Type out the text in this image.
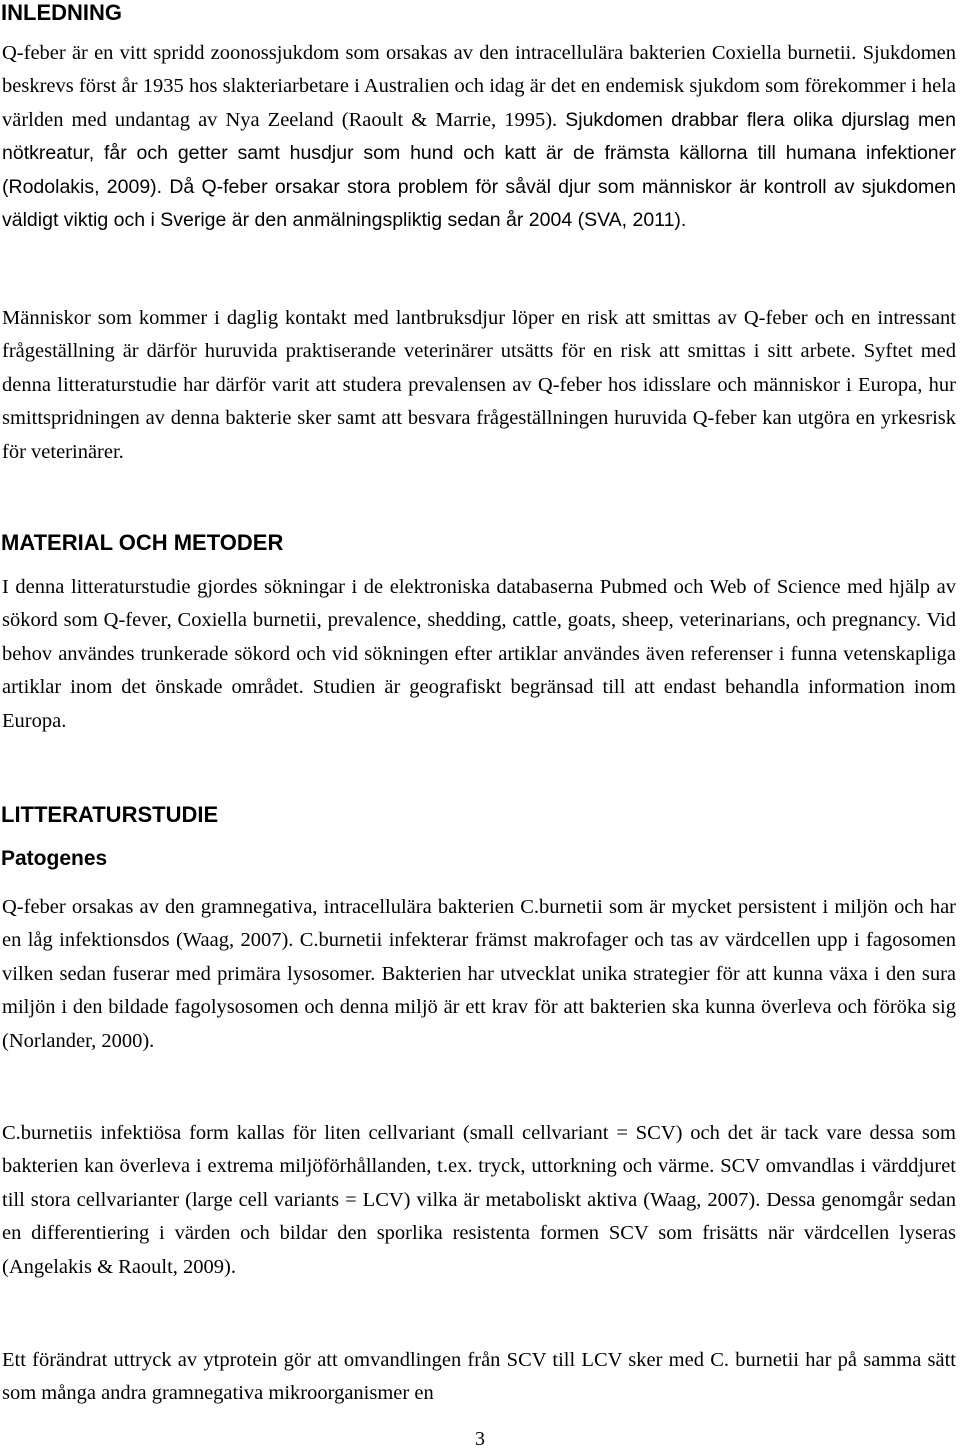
INLEDNING

Q-feber är en vitt spridd zoonossjukdom som orsakas av den intracellulära bakterien Coxiella burnetii. Sjukdomen beskrevs först år 1935 hos slakteriarbetare i Australien och idag är det en endemisk sjukdom som förekommer i hela världen med undantag av Nya Zeeland (Raoult & Marrie, 1995). Sjukdomen drabbar flera olika djurslag men nötkreatur, får och getter samt husdjur som hund och katt är de främsta källorna till humana infektioner (Rodolakis, 2009). Då Q-feber orsakar stora problem för såväl djur som människor är kontroll av sjukdomen väldigt viktig och i Sverige är den anmälningspliktig sedan år 2004 (SVA, 2011).

Människor som kommer i daglig kontakt med lantbruksdjur löper en risk att smittas av Q-feber och en intressant frågeställning är därför huruvida praktiserande veterinärer utsätts för en risk att smittas i sitt arbete. Syftet med denna litteraturstudie har därför varit att studera prevalensen av Q-feber hos idisslare och människor i Europa, hur smittspridningen av denna bakterie sker samt att besvara frågeställningen huruvida Q-feber kan utgöra en yrkesrisk för veterinärer.

MATERIAL OCH METODER

I denna litteraturstudie gjordes sökningar i de elektroniska databaserna Pubmed och Web of Science med hjälp av sökord som Q-fever, Coxiella burnetii, prevalence, shedding, cattle, goats, sheep, veterinarians, och pregnancy. Vid behov användes trunkerade sökord och vid sökningen efter artiklar användes även referenser i funna vetenskapliga artiklar inom det önskade området. Studien är geografiskt begränsad till att endast behandla information inom Europa.

LITTERATURSTUDIE
Patogenes

Q-feber orsakas av den gramnegativa, intracellulära bakterien C.burnetii som är mycket persistent i miljön och har en låg infektionsdos (Waag, 2007). C.burnetii infekterar främst makrofager och tas av värdcellen upp i fagosomen vilken sedan fuserar med primära lysosomer. Bakterien har utvecklat unika strategier för att kunna växa i den sura miljön i den bildade fagolysosomen och denna miljö är ett krav för att bakterien ska kunna överleva och föröka sig (Norlander, 2000).

C.burnetiis infektiösa form kallas för liten cellvariant (small cellvariant = SCV) och det är tack vare dessa som bakterien kan överleva i extrema miljöförhållanden, t.ex. tryck, uttorkning och värme. SCV omvandlas i värddjuret till stora cellvarianter (large cell variants = LCV) vilka är metaboliskt aktiva (Waag, 2007). Dessa genomgår sedan en differentiering i värden och bildar den sporlika resistenta formen SCV som frisätts när värdcellen lyseras (Angelakis & Raoult, 2009).

Ett förändrat uttryck av ytprotein gör att omvandlingen från SCV till LCV sker med C. burnetii har på samma sätt som många andra gramnegativa mikroorganismer en

3
